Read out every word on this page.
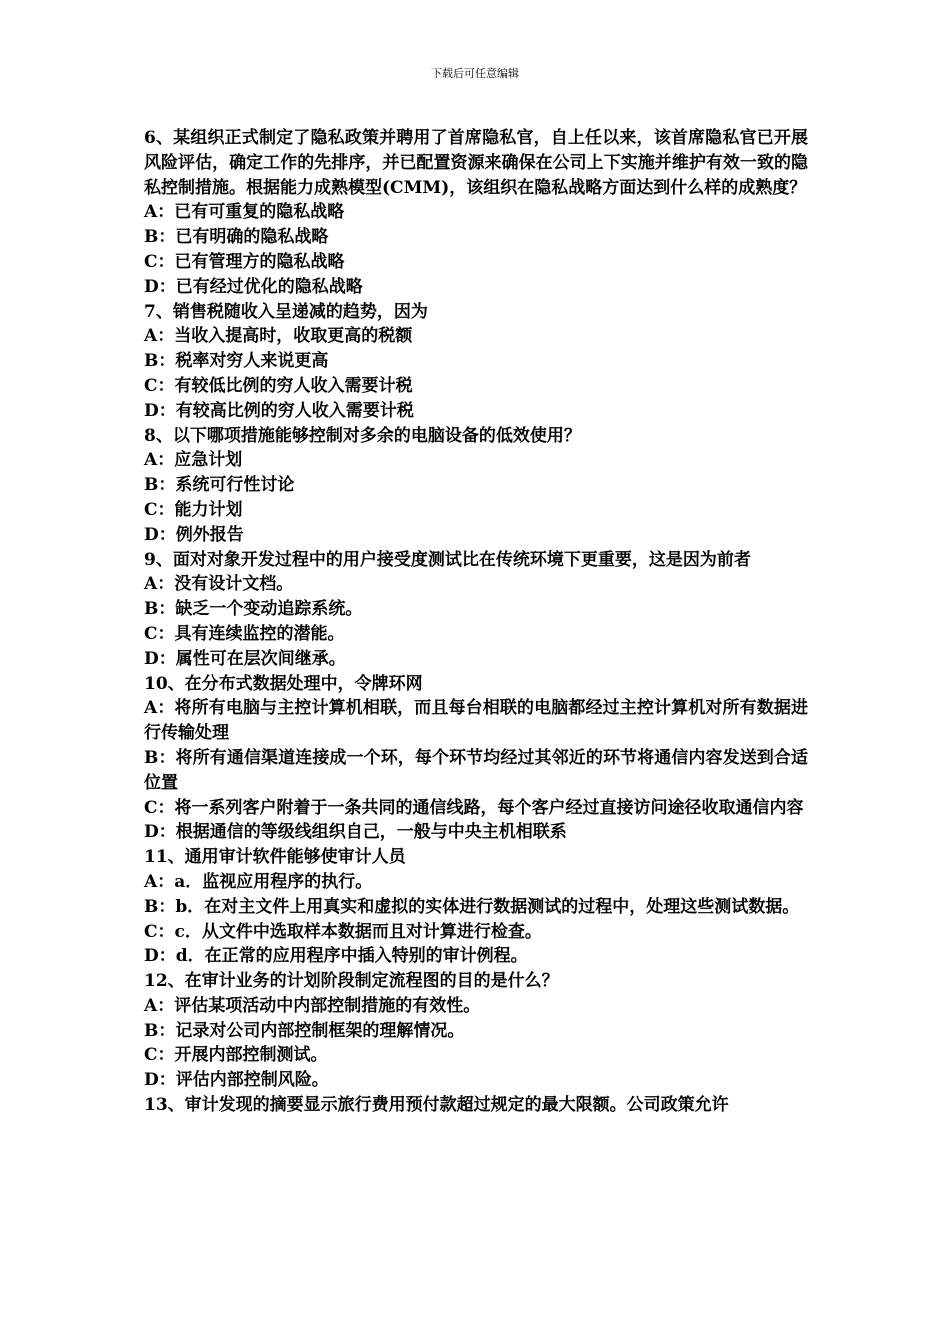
下载后可任意编辑

6、某组织正式制定了隐私政策并聘用了首席隐私官，自上任以来，该首席隐私官已开展风险评估，确定工作的先排序，并已配置资源来确保在公司上下实施并维护有效一致的隐私控制措施。根据能力成熟模型(CMM)，该组织在隐私战略方面达到什么样的成熟度？

A：已有可重复的隐私战略

B：已有明确的隐私战略

C：已有管理方的隐私战略

D：已有经过优化的隐私战略

7、销售税随收入呈递减的趋势，因为

A：当收入提高时，收取更高的税额

B：税率对穷人来说更高

C：有较低比例的穷人收入需要计税

D：有较高比例的穷人收入需要计税

8、以下哪项措施能够控制对多余的电脑设备的低效使用？

A：应急计划

B：系统可行性讨论

C：能力计划

D：例外报告

9、面对对象开发过程中的用户接受度测试比在传统环境下更重要，这是因为前者

A：没有设计文档。

B：缺乏一个变动追踪系统。

C：具有连续监控的潜能。

D：属性可在层次间继承。

10、在分布式数据处理中，令牌环网

A：将所有电脑与主控计算机相联，而且每台相联的电脑都经过主控计算机对所有数据进行传输处理

B：将所有通信渠道连接成一个环，每个环节均经过其邻近的环节将通信内容发送到合适位置

C：将一系列客户附着于一条共同的通信线路，每个客户经过直接访问途径收取通信内容

D：根据通信的等级线组织自己，一般与中央主机相联系

11、通用审计软件能够使审计人员

A：a．监视应用程序的执行。

B：b．在对主文件上用真实和虚拟的实体进行数据测试的过程中，处理这些测试数据。

C：c．从文件中选取样本数据而且对计算进行检查。

D：d．在正常的应用程序中插入特别的审计例程。

12、在审计业务的计划阶段制定流程图的目的是什么？

A：评估某项活动中内部控制措施的有效性。

B：记录对公司内部控制框架的理解情况。

C：开展内部控制测试。

D：评估内部控制风险。

13、审计发现的摘要显示旅行费用预付款超过规定的最大限额。公司政策允许
